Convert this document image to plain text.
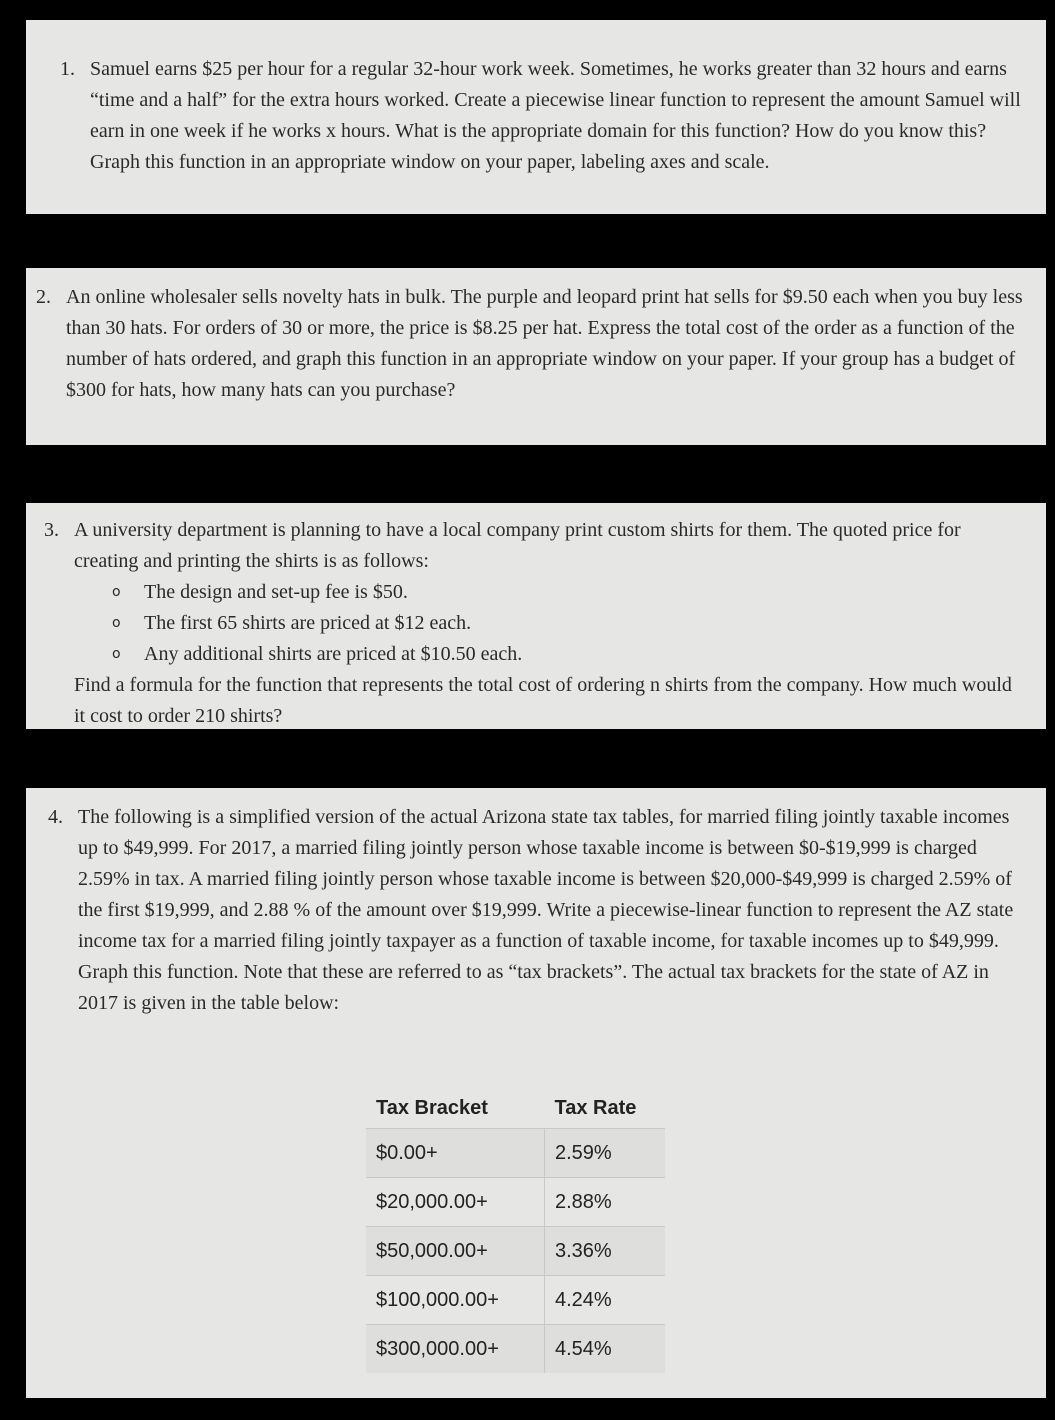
1. Samuel earns $25 per hour for a regular 32-hour work week. Sometimes, he works greater than 32 hours and earns “time and a half” for the extra hours worked. Create a piecewise linear function to represent the amount Samuel will earn in one week if he works x hours. What is the appropriate domain for this function? How do you know this? Graph this function in an appropriate window on your paper, labeling axes and scale.

2. An online wholesaler sells novelty hats in bulk. The purple and leopard print hat sells for $9.50 each when you buy less than 30 hats. For orders of 30 or more, the price is $8.25 per hat. Express the total cost of the order as a function of the number of hats ordered, and graph this function in an appropriate window on your paper. If your group has a budget of $300 for hats, how many hats can you purchase?

3. A university department is planning to have a local company print custom shirts for them. The quoted price for creating and printing the shirts is as follows:

o	The design and set-up fee is $50.
o	The first 65 shirts are priced at $12 each.
o	Any additional shirts are priced at $10.50 each.

Find a formula for the function that represents the total cost of ordering n shirts from the company. How much would it cost to order 210 shirts?

4. The following is a simplified version of the actual Arizona state tax tables, for married filing jointly taxable incomes up to $49,999. For 2017, a married filing jointly person whose taxable income is between $0-$19,999 is charged 2.59% in tax. A married filing jointly person whose taxable income is between $20,000-$49,999 is charged 2.59% of the first $19,999, and 2.88 % of the amount over $19,999. Write a piecewise-linear function to represent the AZ state income tax for a married filing jointly taxpayer as a function of taxable income, for taxable incomes up to $49,999. Graph this function. Note that these are referred to as “tax brackets”. The actual tax brackets for the state of AZ in 2017 is given in the table below:

Tax Bracket	Tax Rate
$0.00+	2.59%
$20,000.00+	2.88%
$50,000.00+	3.36%
$100,000.00+	4.24%
$300,000.00+	4.54%
